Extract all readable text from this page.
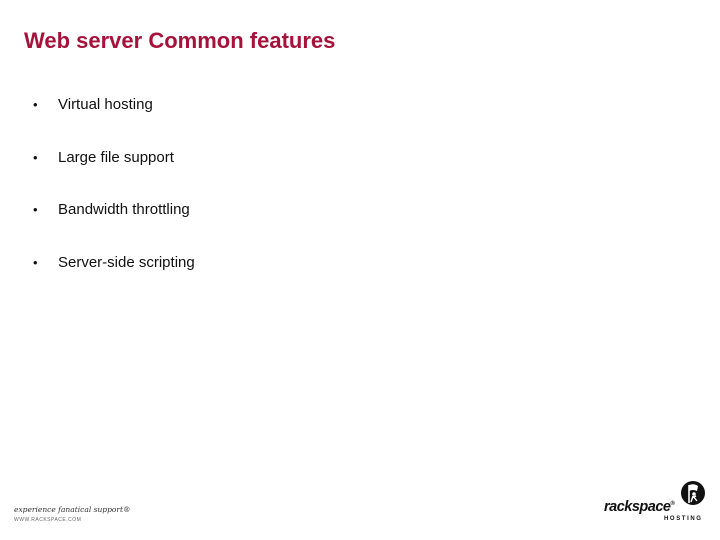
Web server Common features
•	Virtual hosting
•	Large file support
•	Bandwidth throttling
•	Server-side scripting
experience fanatical support®
WWW.RACKSPACE.COM
rackspace®
HOSTING
